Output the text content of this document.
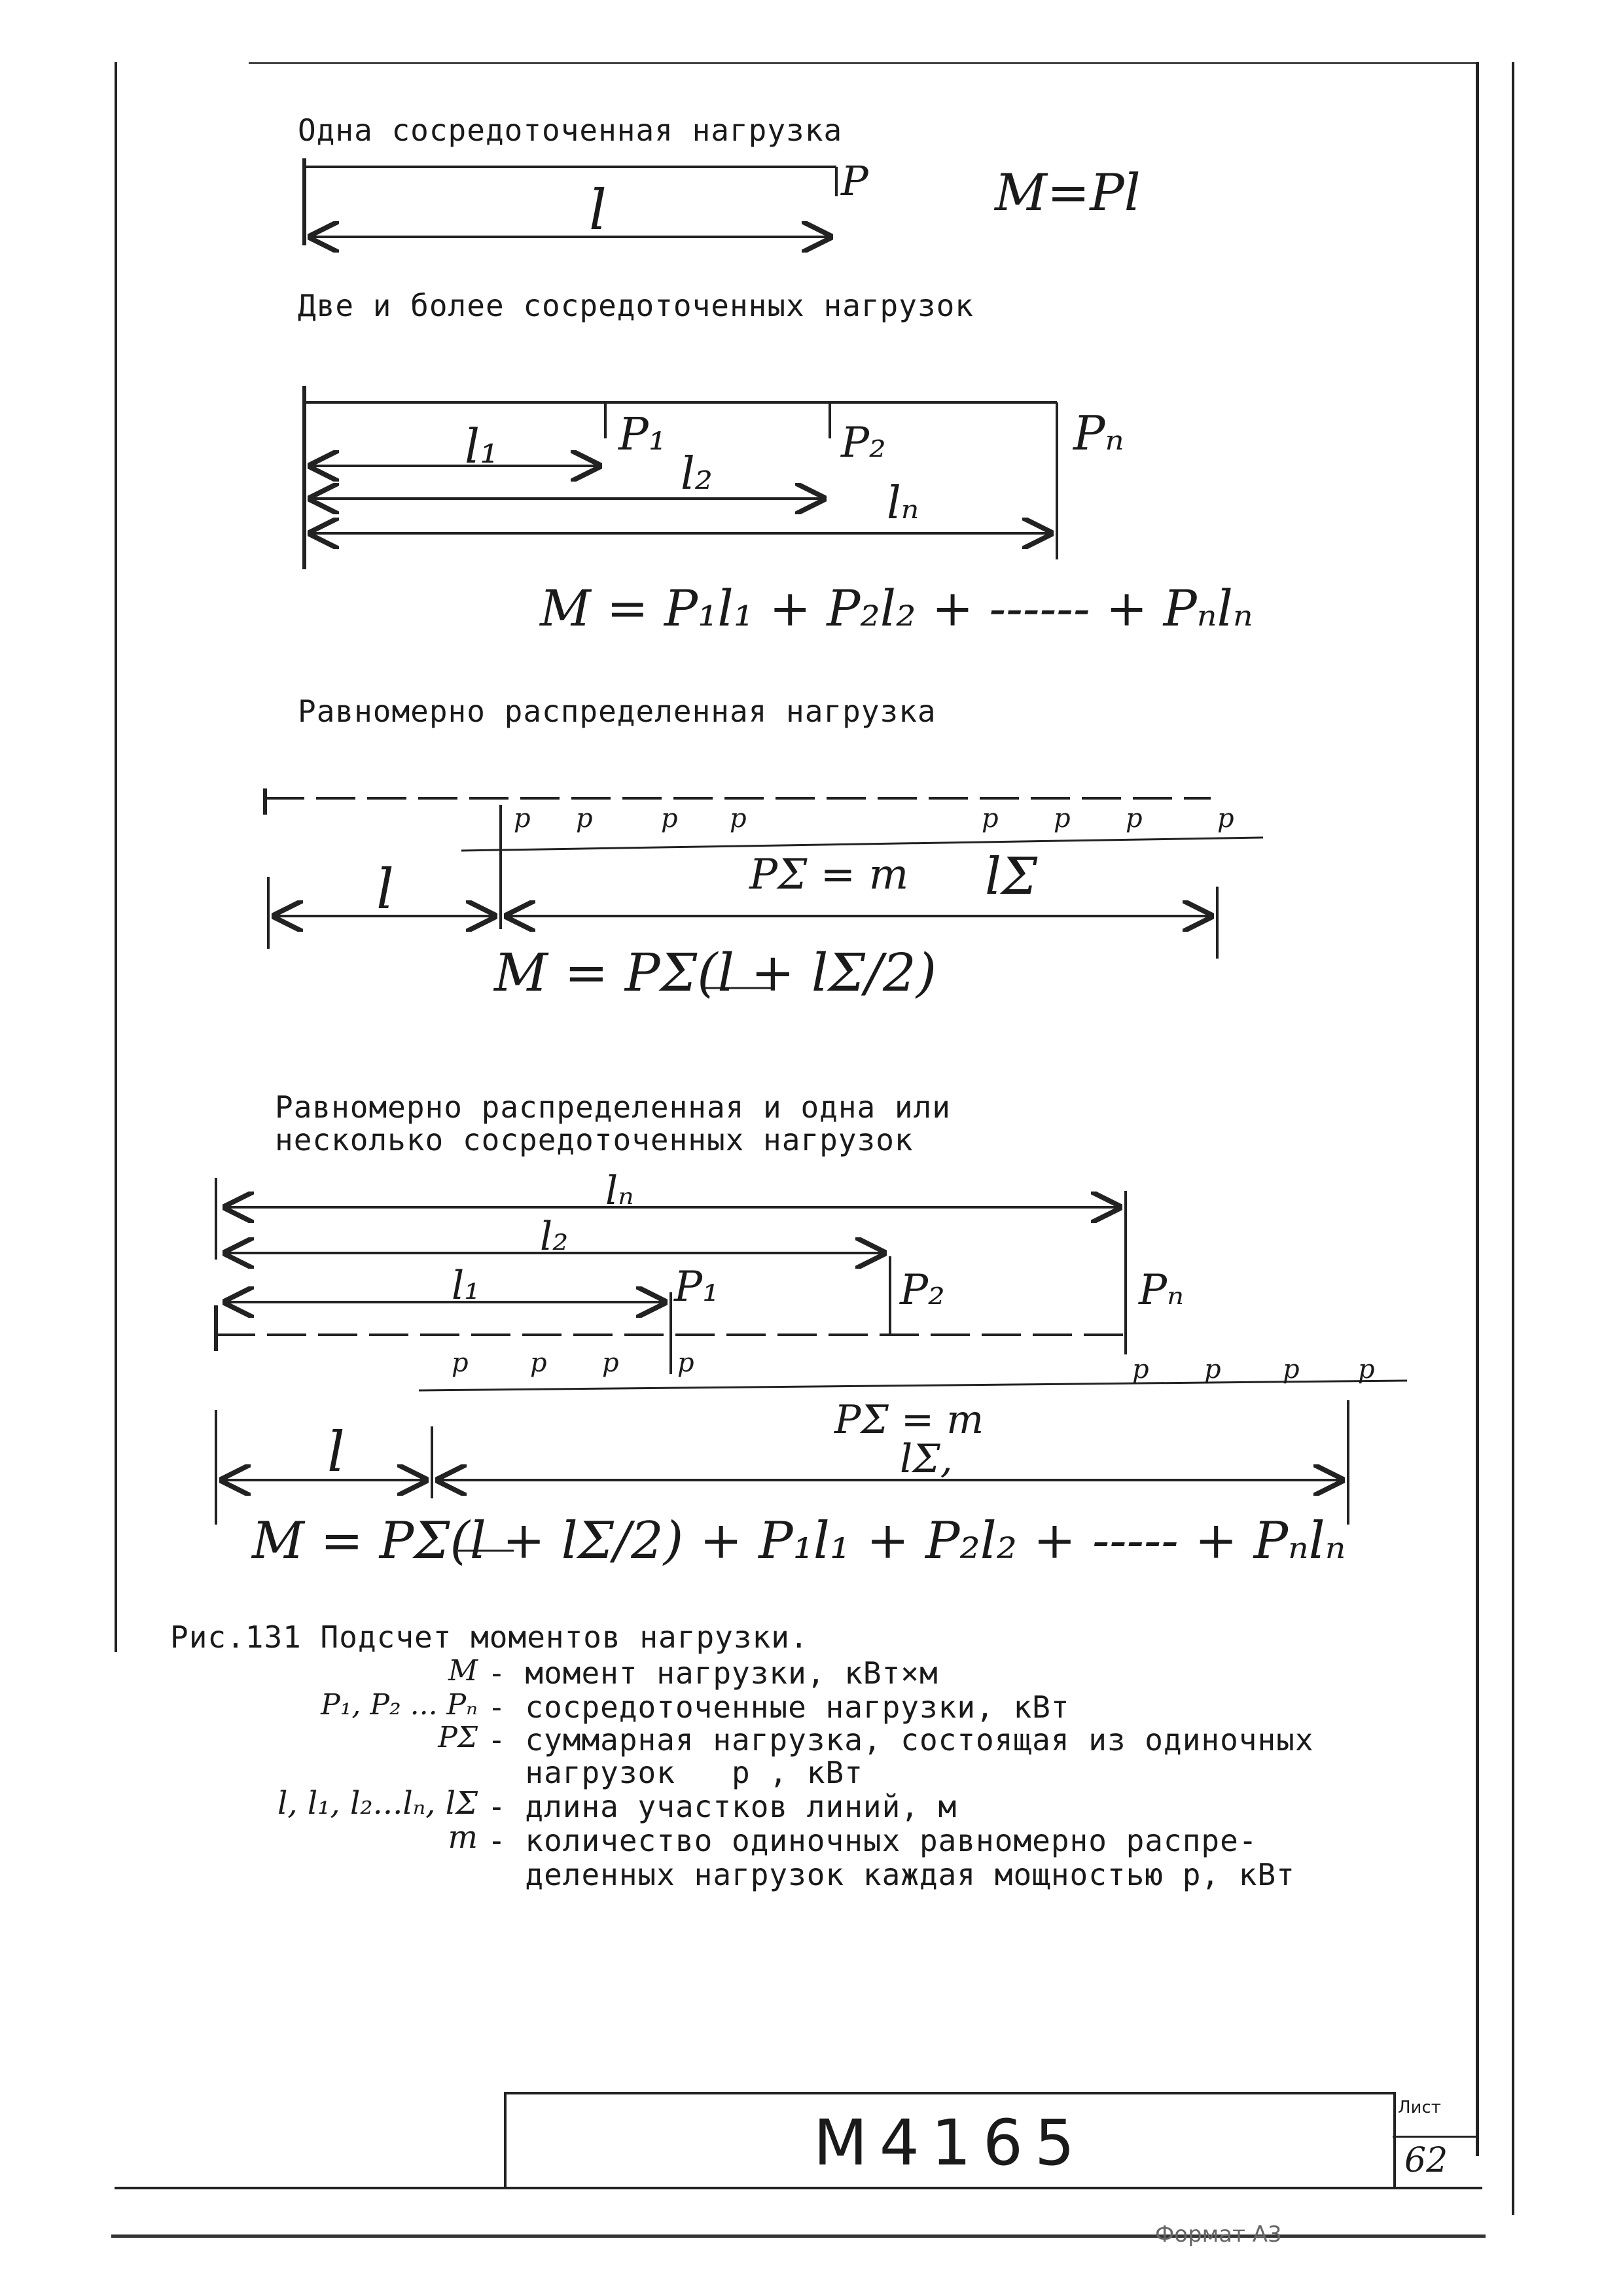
Одна сосредоточенная нагрузка
l	P M=Pl
Две и более сосредоточенных нагрузок
l₁	P₁
l₂
P₂
lₙ
Pₙ
M = P₁l₁ + P₂l₂ + ------ + Pₙlₙ
Равномерно распределенная нагрузка
p p	p p	p p p	p
l	PΣ = m lΣ
M = PΣ(l + lΣ/2)
Равномерно распределенная и одна или
несколько сосредоточенных нагрузок
lₙ
l₂
l₁	P₁	P₂	Pₙ
p p p p	p p p p
l	PΣ = m
lΣ,
M = PΣ(l + lΣ/2) + P₁l₁ + P₂l₂ + ----- + Pₙlₙ
Рис.131 Подсчет моментов нагрузки.
M - момент нагрузки, кВт×м
P₁, P₂ ... Pₙ - сосредоточенные нагрузки, кВт
PΣ - суммарная нагрузка, состоящая из одиночных
нагрузок   p , кВт
l, l₁, l₂...lₙ, lΣ - длина участков линий, м
m - количество одиночных равномерно распре-
деленных нагрузок каждая мощностью p, кВт
М4165	Лист
62
Формат А3
